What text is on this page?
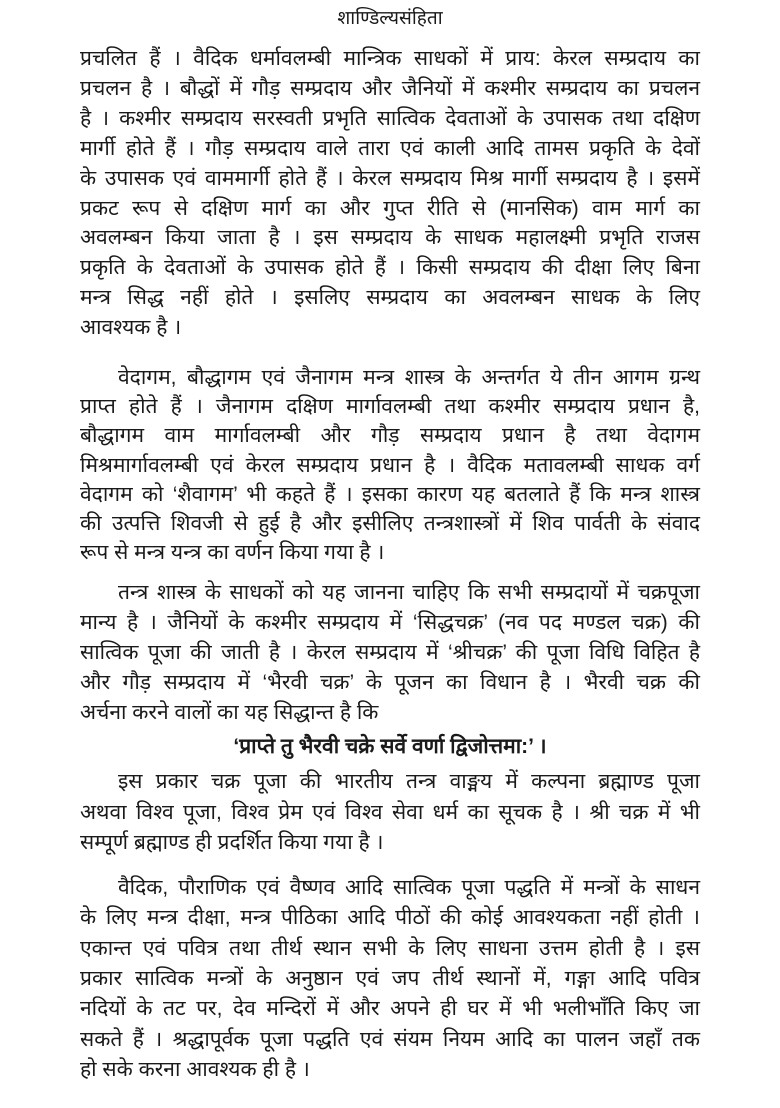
शाण्डिल्यसंहिता
प्रचलित हैं । वैदिक धर्मावलम्बी मान्त्रिक साधकों में प्राय: केरल सम्प्रदाय का
प्रचलन है । बौद्धों में गौड़ सम्प्रदाय और जैनियों में कश्मीर सम्प्रदाय का प्रचलन
है । कश्मीर सम्प्रदाय सरस्वती प्रभृति सात्विक देवताओं के उपासक तथा दक्षिण
मार्गी होते हैं । गौड़ सम्प्रदाय वाले तारा एवं काली आदि तामस प्रकृति के देवों
के उपासक एवं वाममार्गी होते हैं । केरल सम्प्रदाय मिश्र मार्गी सम्प्रदाय है । इसमें
प्रकट रूप से दक्षिण मार्ग का और गुप्त रीति से (मानसिक) वाम मार्ग का
अवलम्बन किया जाता है । इस सम्प्रदाय के साधक महालक्ष्मी प्रभृति राजस
प्रकृति के देवताओं के उपासक होते हैं । किसी सम्प्रदाय की दीक्षा लिए बिना
मन्त्र सिद्ध नहीं होते । इसलिए सम्प्रदाय का अवलम्बन साधक के लिए
आवश्यक है ।
वेदागम, बौद्धागम एवं जैनागम मन्त्र शास्त्र के अन्तर्गत ये तीन आगम ग्रन्थ
प्राप्त होते हैं । जैनागम दक्षिण मार्गावलम्बी तथा कश्मीर सम्प्रदाय प्रधान है,
बौद्धागम वाम मार्गावलम्बी और गौड़ सम्प्रदाय प्रधान है तथा वेदागम
मिश्रमार्गावलम्बी एवं केरल सम्प्रदाय प्रधान है । वैदिक मतावलम्बी साधक वर्ग
वेदागम को ‘शैवागम’ भी कहते हैं । इसका कारण यह बतलाते हैं कि मन्त्र शास्त्र
की उत्पत्ति शिवजी से हुई है और इसीलिए तन्त्रशास्त्रों में शिव पार्वती के संवाद
रूप से मन्त्र यन्त्र का वर्णन किया गया है ।
तन्त्र शास्त्र के साधकों को यह जानना चाहिए कि सभी सम्प्रदायों में चक्रपूजा
मान्य है । जैनियों के कश्मीर सम्प्रदाय में ‘सिद्धचक्र’ (नव पद मण्डल चक्र) की
सात्विक पूजा की जाती है । केरल सम्प्रदाय में ‘श्रीचक्र’ की पूजा विधि विहित है
और गौड़ सम्प्रदाय में ‘भैरवी चक्र’ के पूजन का विधान है । भैरवी चक्र की
अर्चना करने वालों का यह सिद्धान्त है कि
इस प्रकार चक्र पूजा की भारतीय तन्त्र वाङ्मय में कल्पना ब्रह्माण्ड पूजा
अथवा विश्व पूजा, विश्व प्रेम एवं विश्व सेवा धर्म का सूचक है । श्री चक्र में भी
सम्पूर्ण ब्रह्माण्ड ही प्रदर्शित किया गया है ।
वैदिक, पौराणिक एवं वैष्णव आदि सात्विक पूजा पद्धति में मन्त्रों के साधन
के लिए मन्त्र दीक्षा, मन्त्र पीठिका आदि पीठों की कोई आवश्यकता नहीं होती ।
एकान्त एवं पवित्र तथा तीर्थ स्थान सभी के लिए साधना उत्तम होती है । इस
प्रकार सात्विक मन्त्रों के अनुष्ठान एवं जप तीर्थ स्थानों में, गङ्गा आदि पवित्र
नदियों के तट पर, देव मन्दिरों में और अपने ही घर में भी भलीभाँति किए जा
सकते हैं । श्रद्धापूर्वक पूजा पद्धति एवं संयम नियम आदि का पालन जहाँ तक
हो सके करना आवश्यक ही है ।
‘प्राप्ते तु भैरवी चक्रे सर्वे वर्णा द्विजोत्तमा:’ ।
